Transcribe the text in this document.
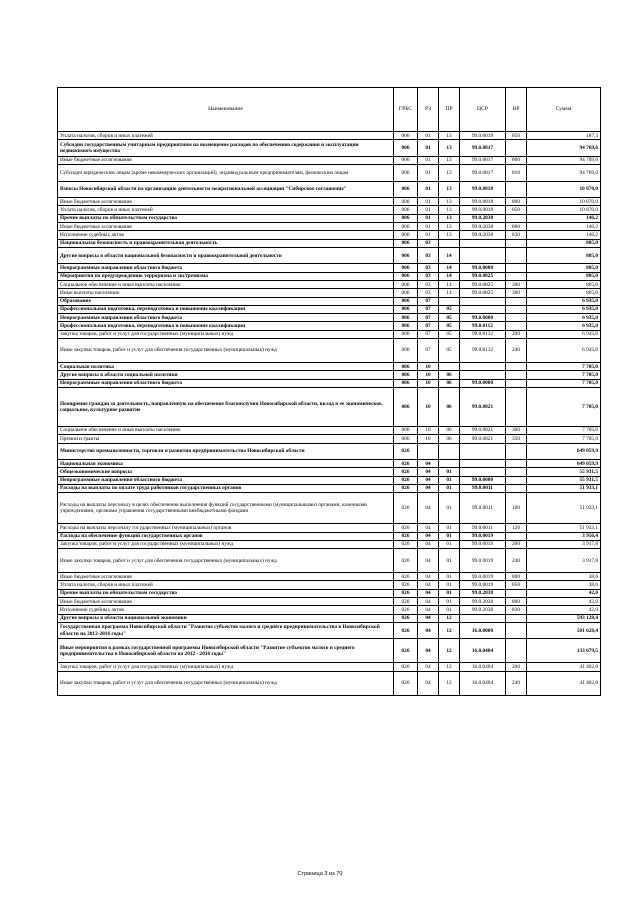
Наименование	ГРБС	РЗ	ПР	ЦСР	ВР	Сумма
Уплата налогов, сборов и иных платежей	006	01	13	99.0.0019	850	187,3
Субсидии государственным унитарным предприятиям на возмещение расходов по обеспечению содержания и эксплуатации недвижимого имущества	006	01	13	99.0.0817		94 769,6
Иные бюджетные ассигнования	006	01	13	99.0.0817	800	94 769,6
Субсидии юридическим лицам (кроме некоммерческих организаций), индивидуальным предпринимателям, физическим лицам	006	01	13	99.0.0817	810	94 769,6
Взносы Новосибирской области на организацию деятельности межрегиональной ассоциации "Сибирское соглашение"	006	01	13	99.0.0818		10 870,0
Иные бюджетные ассигнования	006	01	13	99.0.0818	800	10 870,0
Уплата налогов, сборов и иных платежей	006	01	13	99.0.0818	850	10 870,0
Прочие выплаты по обязательствам государства	006	01	13	99.0.2038		146,2
Иные бюджетные ассигнования	006	01	13	99.0.2038	800	146,2
Исполнение судебных актов	006	01	13	99.0.2038	830	146,2
Национальная безопасность и правоохранительная деятельность	006	03				805,0
Другие вопросы в области национальной безопасности и правоохранительной деятельности	006	03	14			805,0
Непрограммные направления областного бюджета	006	03	14	99.0.0000		805,0
Мероприятия по предупреждению терроризма и экстремизма	006	03	14	99.0.0825		805,0
Социальное обеспечение и иные выплаты населению	006	03	14	99.0.0825	300	805,0
Иные выплаты населению	006	03	14	99.0.0825	360	805,0
Образование	006	07				6 935,0
Профессиональная подготовка, переподготовка и повышение квалификации	006	07	05			6 935,0
Непрограммные направления областного бюджета	006	07	05	99.0.0000		6 935,0
Профессиональная подготовка, переподготовка и повышение квалификации	006	07	05	99.0.0112		6 935,0
Закупка товаров, работ и услуг для государственных (муниципальных) нужд	006	07	05	99.0.0112	200	6 935,0
Иные закупки товаров, работ и услуг для обеспечения государственных (муниципальных) нужд	006	07	05	99.0.0112	240	6 935,0
Социальная политика	006	10				7 705,0
Другие вопросы в области социальной политики	006	10	06			7 705,0
Непрограммные направления областного бюджета	006	10	06	99.0.0000		7 705,0
Поощрение граждан за деятельность, направленную на обеспечение благополучия Новосибирской области, вклад в ее экономическое, социальное, культурное развитие	006	10	06	99.0.0821		7 705,0
Социальное обеспечение и иные выплаты населению	006	10	06	99.0.0821	300	7 705,0
Премии и гранты	006	10	06	99.0.0821	350	7 705,0
Министерство промышленности, торговли и развития предпринимательства Новосибирской области	026					649 059,9
Национальная экономика	026	04				649 059,9
Общеэкономические вопросы	026	04	01			55 931,5
Непрограммные направления областного бюджета	026	04	01	99.0.0000		55 931,5
Расходы на выплаты по оплате труда работников государственных органов	026	04	01	99.0.0011		51 933,1
Расходы на выплаты персоналу в целях обеспечения выполнения функций государственными (муниципальными) органами, казенными учреждениями, органами управления государственными внебюджетными фондами	026	04	01	99.0.0011	100	51 933,1
Расходы на выплаты персоналу государственных (муниципальных) органов	026	04	01	99.0.0011	120	51 933,1
Расходы на обеспечение функций государственных органов	026	04	01	99.0.0019		3 956,4
Закупка товаров, работ и услуг для государственных (муниципальных) нужд	026	04	01	99.0.0019	200	3 917,8
Иные закупки товаров, работ и услуг для обеспечения государственных (муниципальных) нужд	026	04	01	99.0.0019	240	3 917,8
Иные бюджетные ассигнования	026	04	01	99.0.0019	800	38,6
Уплата налогов, сборов и иных платежей	026	04	01	99.0.0019	850	38,6
Прочие выплаты по обязательствам государства	026	04	01	99.0.2038		42,0
Иные бюджетные ассигнования	026	04	01	99.0.2038	800	42,0
Исполнение судебных актов	026	04	01	99.0.2038	830	42,0
Другие вопросы в области национальной экономики	026	04	12			593 128,4
Государственная программа Новосибирской области "Развитие субъектов малого и среднего предпринимательства в Новосибирской области на 2012-2016 годы"	026	04	12	16.0.0000		501 628,4
Иные мероприятия в рамках государственной программы Новосибирской области "Развитие субъектов малого и среднего предпринимательства в Новосибирской области на 2012 - 2016 годы"	026	04	12	16.0.0404		133 679,5
Закупка товаров, работ и услуг для государственных (муниципальных) нужд	026	04	12	16.0.0404	200	41 402,8
Иные закупки товаров, работ и услуг для обеспечения государственных (муниципальных) нужд	026	04	12	16.0.0404	240	41 402,8
Страница 3 из 70
